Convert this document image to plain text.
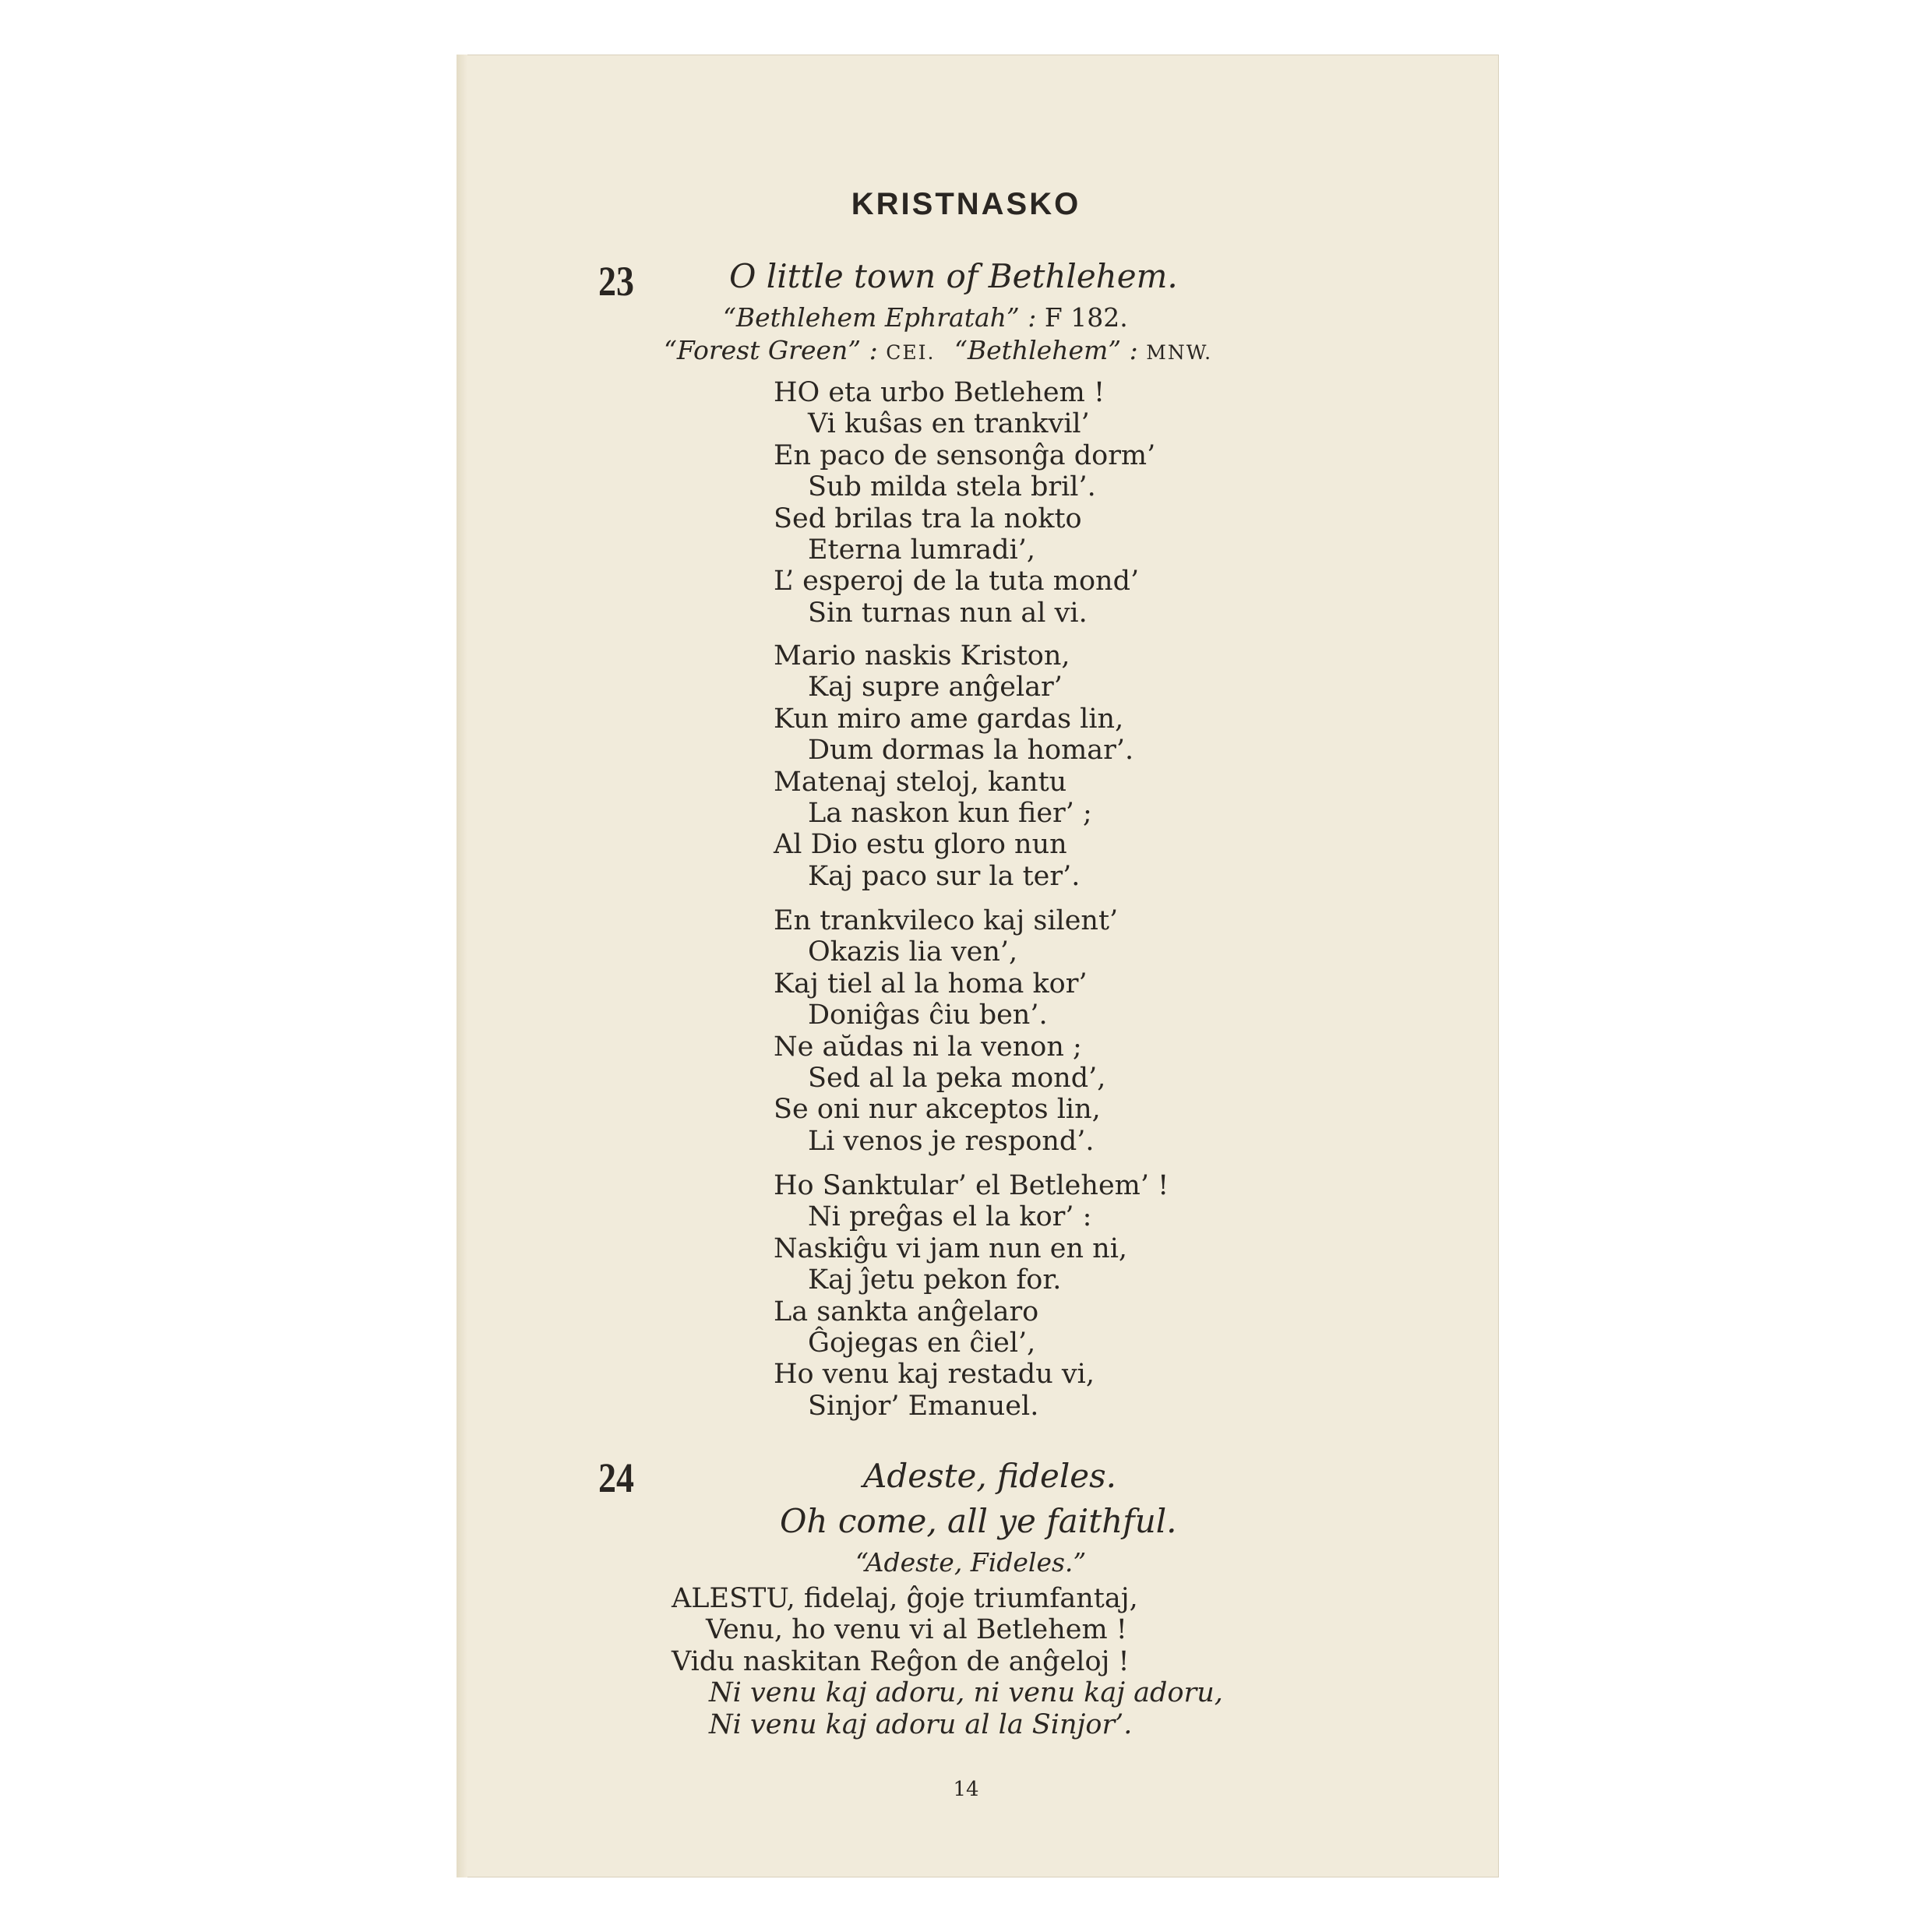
KRISTNASKO
23	O little town of Bethlehem.
“Bethlehem Ephratah” : F 182.
“Forest Green” : CEI. “Bethlehem” : MNW.
HO eta urbo Betlehem !
Vi kuŝas en trankvil’
En paco de sensonĝa dorm’
Sub milda stela bril’.
Sed brilas tra la nokto
Eterna lumradi’,
L’ esperoj de la tuta mond’
Sin turnas nun al vi.
Mario naskis Kriston,
Kaj supre anĝelar’
Kun miro ame gardas lin,
Dum dormas la homar’.
Matenaj steloj, kantu
La naskon kun fier’ ;
Al Dio estu gloro nun
Kaj paco sur la ter’.
En trankvileco kaj silent’
Okazis lia ven’,
Kaj tiel al la homa kor’
Doniĝas ĉiu ben’.
Ne aŭdas ni la venon ;
Sed al la peka mond’,
Se oni nur akceptos lin,
Li venos je respond’.
Ho Sanktular’ el Betlehem’ !
Ni preĝas el la kor’ :
Naskiĝu vi jam nun en ni,
Kaj ĵetu pekon for.
La sankta anĝelaro
Ĝojegas en ĉiel’,
Ho venu kaj restadu vi,
Sinjor’ Emanuel.
24	Adeste, fideles.
Oh come, all ye faithful.
“Adeste, Fideles.”
ALESTU, fidelaj, ĝoje triumfantaj,
Venu, ho venu vi al Betlehem !
Vidu naskitan Reĝon de anĝeloj !
Ni venu kaj adoru, ni venu kaj adoru,
Ni venu kaj adoru al la Sinjor’.
14
